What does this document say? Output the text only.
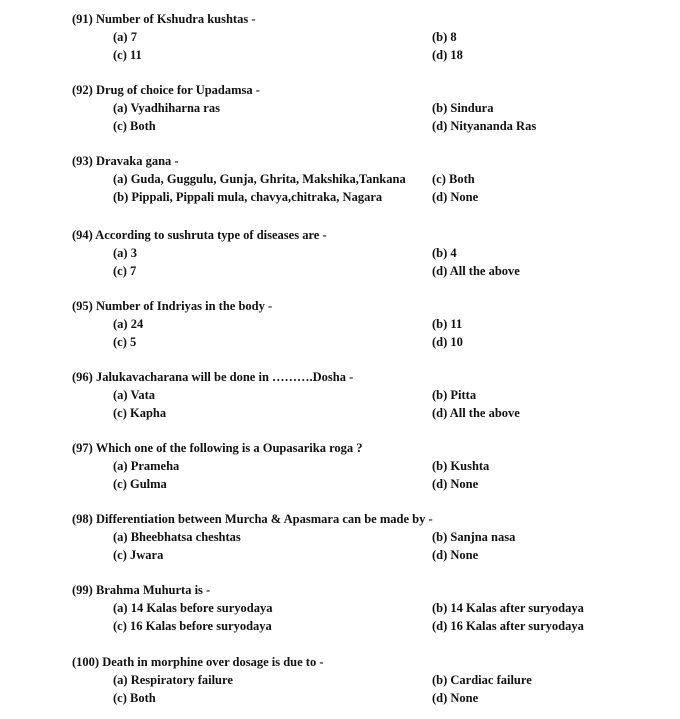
(91) Number of Kshudra kushtas -
(a) 7	(b) 8
(c) 11	(d) 18
(92) Drug of choice for Upadamsa -
(a) Vyadhiharna ras	(b) Sindura
(c) Both	(d) Nityananda Ras
(93) Dravaka gana -
(a) Guda, Guggulu, Gunja, Ghrita, Makshika,Tankana (c) Both
(b) Pippali, Pippali mula, chavya,chitraka, Nagara	(d) None
(94) According to sushruta type of diseases are -
(a) 3	(b) 4
(c) 7	(d) All the above
(95) Number of Indriyas in the body -
(a) 24	(b) 11
(c) 5	(d) 10
(96) Jalukavacharana will be done in ……….Dosha -
(a) Vata	(b) Pitta
(c) Kapha	(d) All the above
(97) Which one of the following is a Oupasarika roga ?
(a) Prameha	(b) Kushta
(c) Gulma	(d) None
(98) Differentiation between Murcha & Apasmara can be made by -
(a) Bheebhatsa cheshtas	(b) Sanjna nasa
(c) Jwara	(d) None
(99) Brahma Muhurta is -
(a) 14 Kalas before suryodaya	(b) 14 Kalas after suryodaya
(c) 16 Kalas before suryodaya	(d) 16 Kalas after suryodaya
(100) Death in morphine over dosage is due to -
(a) Respiratory failure	(b) Cardiac failure
(c) Both	(d) None
